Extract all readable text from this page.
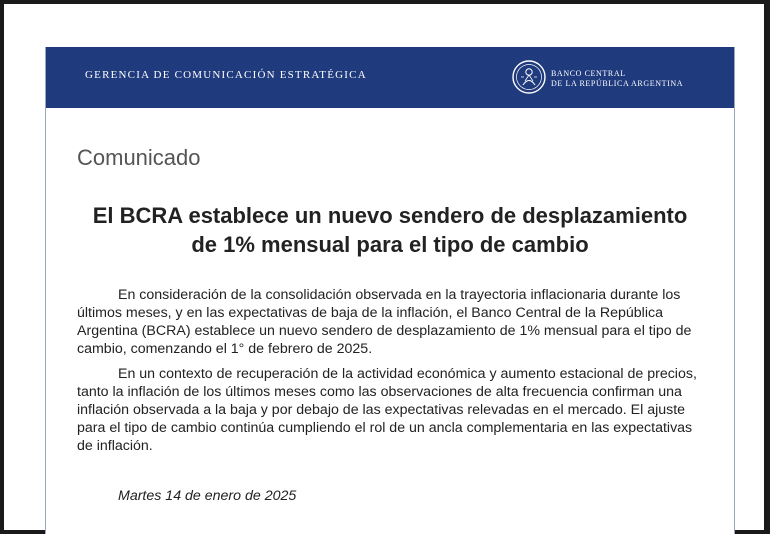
GERENCIA DE COMUNICACIÓN ESTRATÉGICA	BANCO CENTRAL
DE LA REPÚBLICA ARGENTINA
Comunicado
El BCRA establece un nuevo sendero de desplazamiento
de 1% mensual para el tipo de cambio

En consideración de la consolidación observada en la trayectoria inflacionaria durante los últimos meses, y en las expectativas de baja de la inflación, el Banco Central de la República Argentina (BCRA) establece un nuevo sendero de desplazamiento de 1% mensual para el tipo de cambio, comenzando el 1° de febrero de 2025.

En un contexto de recuperación de la actividad económica y aumento estacional de precios, tanto la inflación de los últimos meses como las observaciones de alta frecuencia confirman una inflación observada a la baja y por debajo de las expectativas relevadas en el mercado. El ajuste para el tipo de cambio continúa cumpliendo el rol de un ancla complementaria en las expectativas de inflación.

Martes 14 de enero de 2025
